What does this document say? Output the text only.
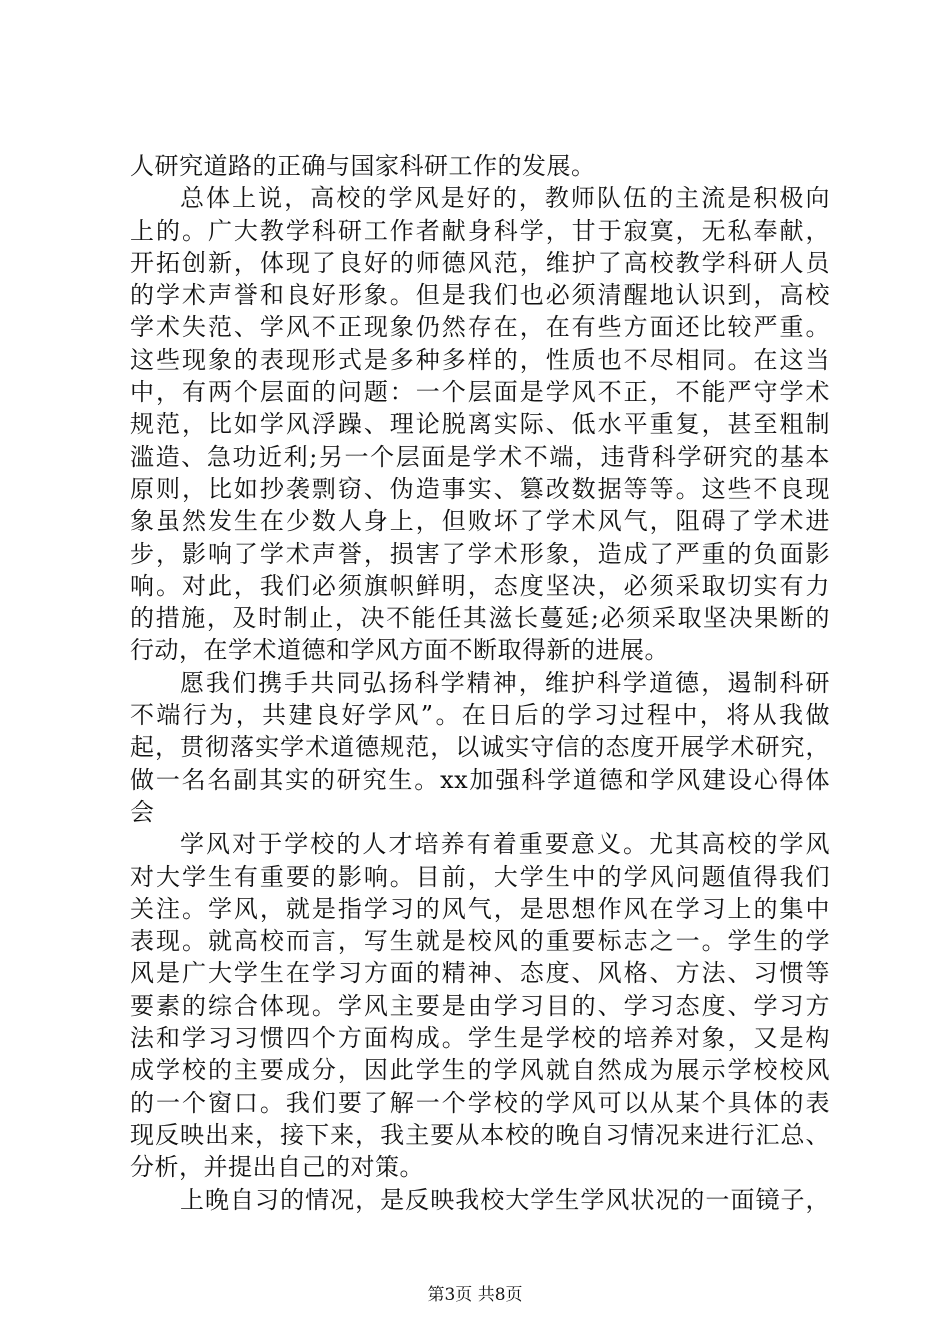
人研究道路的正确与国家科研工作的发展。
总体上说，高校的学风是好的，教师队伍的主流是积极向
上的。广大教学科研工作者献身科学，甘于寂寞，无私奉献，
开拓创新，体现了良好的师德风范，维护了高校教学科研人员
的学术声誉和良好形象。但是我们也必须清醒地认识到，高校
学术失范、学风不正现象仍然存在，在有些方面还比较严重。
这些现象的表现形式是多种多样的，性质也不尽相同。在这当
中，有两个层面的问题：一个层面是学风不正，不能严守学术
规范，比如学风浮躁、理论脱离实际、低水平重复，甚至粗制
滥造、急功近利;另一个层面是学术不端，违背科学研究的基本
原则，比如抄袭剽窃、伪造事实、篡改数据等等。这些不良现
象虽然发生在少数人身上，但败坏了学术风气，阻碍了学术进
步，影响了学术声誉，损害了学术形象，造成了严重的负面影
响。对此，我们必须旗帜鲜明，态度坚决，必须采取切实有力
的措施，及时制止，决不能任其滋长蔓延;必须采取坚决果断的
行动，在学术道德和学风方面不断取得新的进展。
愿我们携手共同弘扬科学精神，维护科学道德，遏制科研
不端行为，共建良好学风”。在日后的学习过程中，将从我做
起，贯彻落实学术道德规范，以诚实守信的态度开展学术研究，
做一名名副其实的研究生。xx加强科学道德和学风建设心得体
会
学风对于学校的人才培养有着重要意义。尤其高校的学风
对大学生有重要的影响。目前，大学生中的学风问题值得我们
关注。学风，就是指学习的风气，是思想作风在学习上的集中
表现。就高校而言，写生就是校风的重要标志之一。学生的学
风是广大学生在学习方面的精神、态度、风格、方法、习惯等
要素的综合体现。学风主要是由学习目的、学习态度、学习方
法和学习习惯四个方面构成。学生是学校的培养对象，又是构
成学校的主要成分，因此学生的学风就自然成为展示学校校风
的一个窗口。我们要了解一个学校的学风可以从某个具体的表
现反映出来，接下来，我主要从本校的晚自习情况来进行汇总、
分析，并提出自己的对策。
上晚自习的情况，是反映我校大学生学风状况的一面镜子，
第3页 共8页
